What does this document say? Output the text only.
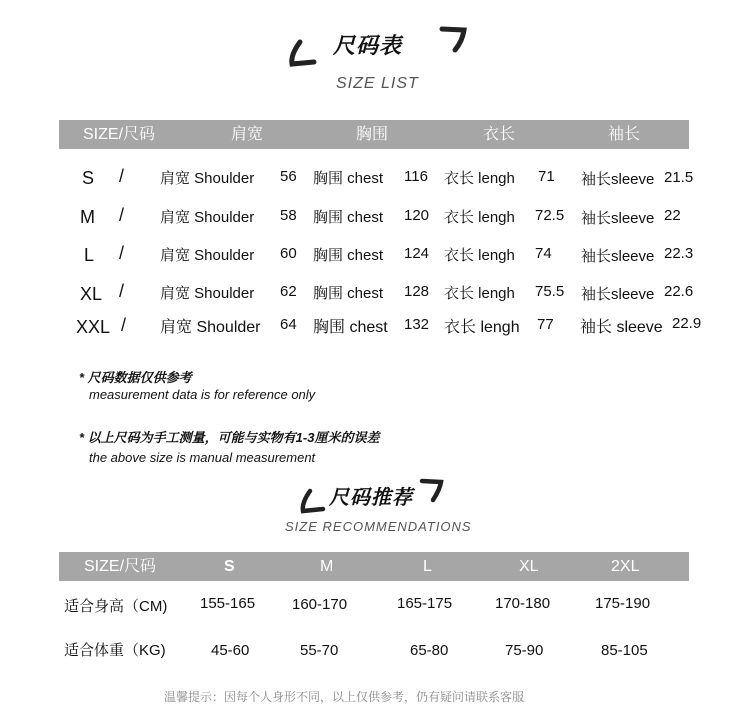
尺码表
SIZE LIST
SIZE/尺码	肩宽	胸围	衣长	袖长
S / 肩宽 Shoulder 56 胸围 chest 116 衣长 lengh 71 袖长sleeve 21.5
M / 肩宽 Shoulder 58 胸围 chest 120 衣长 lengh 72.5 袖长sleeve 22
L / 肩宽 Shoulder 60 胸围 chest 124 衣长 lengh 74 袖长sleeve 22.3
XL / 肩宽 Shoulder 62 胸围 chest 128 衣长 lengh 75.5 袖长sleeve 22.6
XXL / 肩宽 Shoulder 64 胸围 chest 132 衣长 lengh 77 袖长 sleeve 22.9
* 尺码数据仅供参考
measurement data is for reference only
* 以上尺码为手工测量，可能与实物有1-3厘米的误差
the above size is manual measurement
尺码推荐
SIZE RECOMMENDATIONS
SIZE/尺码	S	M	L	XL	2XL
适合身高（CM) 155-165 160-170	165-175	170-180	175-190
适合体重（KG)	45-60	55-70	65-80	75-90	85-105
温馨提示：因每个人身形不同，以上仅供参考，仍有疑问请联系客服
